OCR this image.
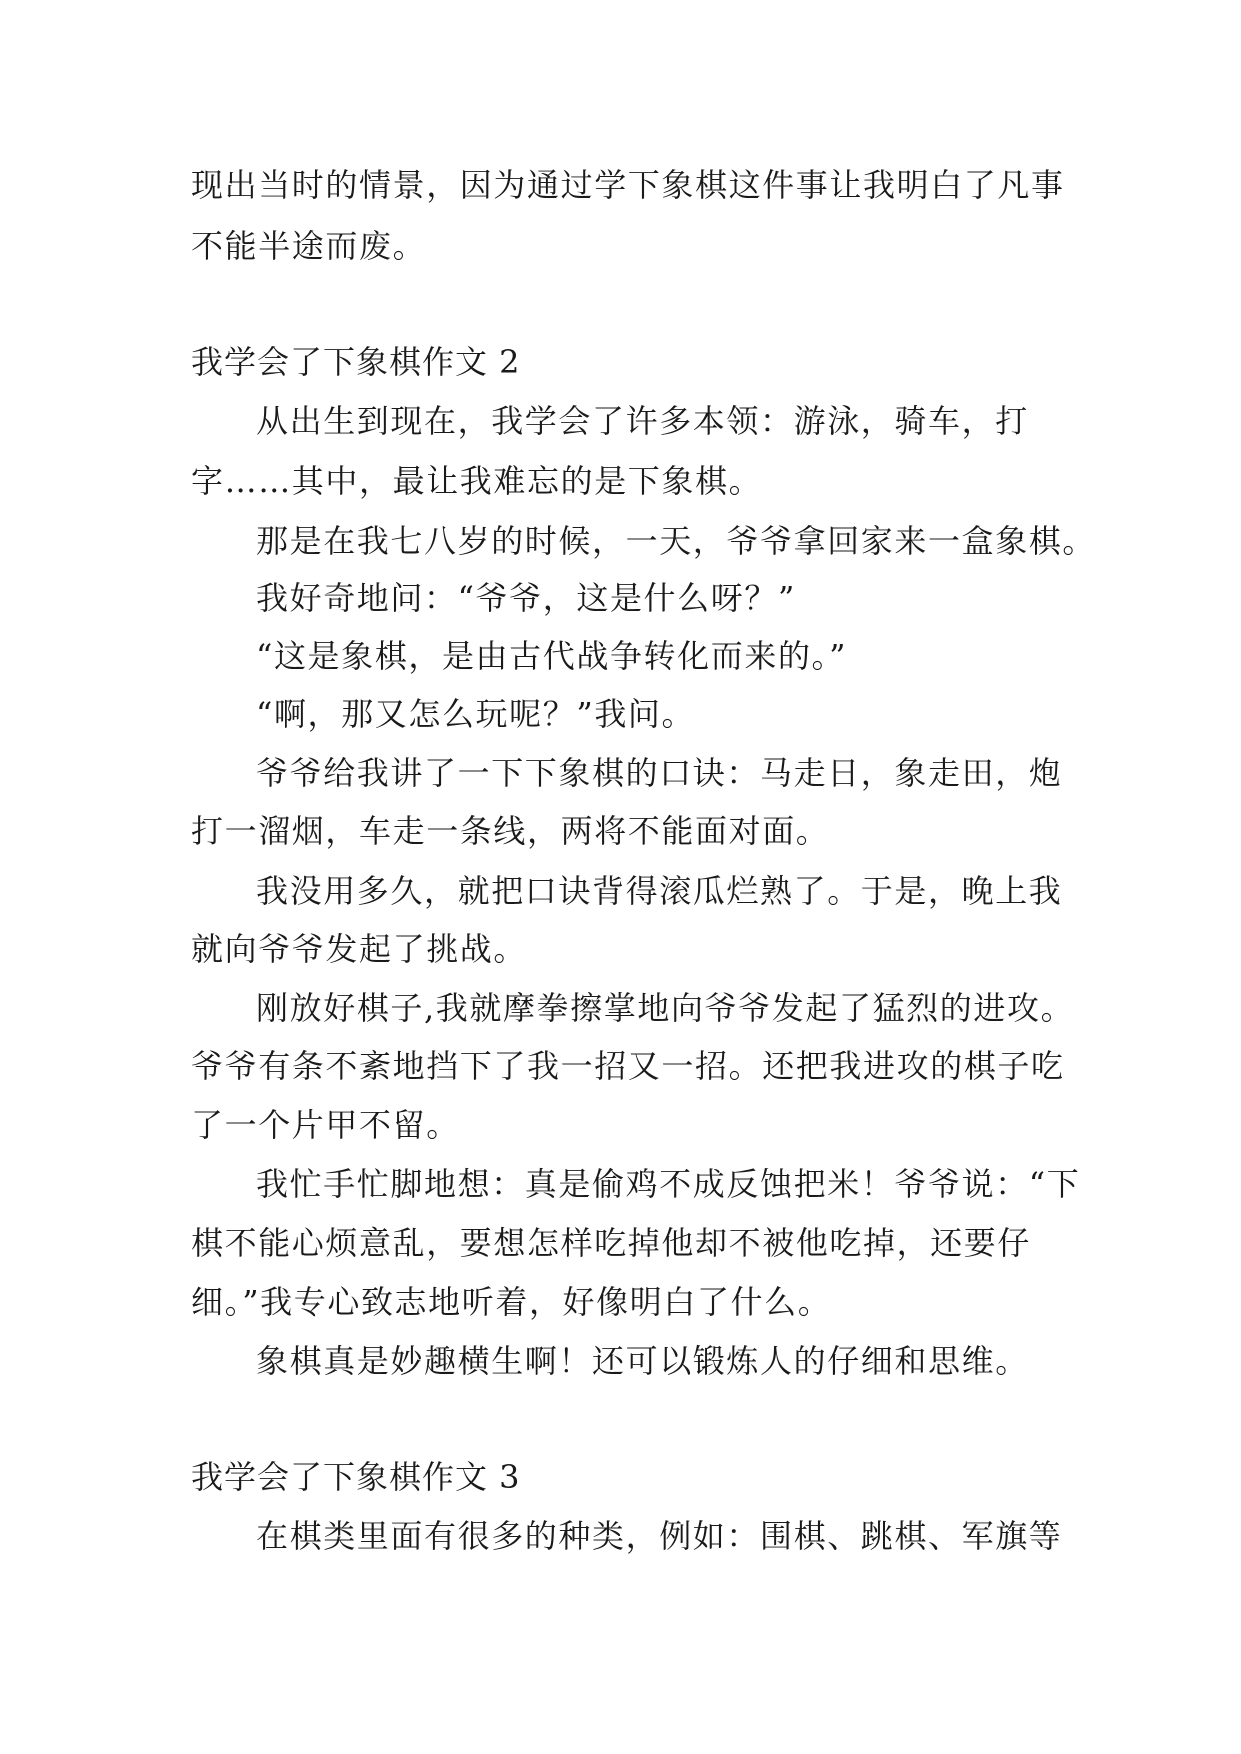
现出当时的情景，因为通过学下象棋这件事让我明白了凡事
不能半途而废。
我学会了下象棋作文 2
从出生到现在，我学会了许多本领：游泳，骑车，打
字……其中，最让我难忘的是下象棋。
那是在我七八岁的时候，一天，爷爷拿回家来一盒象棋。
我好奇地问：“爷爷，这是什么呀？”
“这是象棋，是由古代战争转化而来的。”
“啊，那又怎么玩呢？”我问。
爷爷给我讲了一下下象棋的口诀：马走日，象走田，炮
打一溜烟，车走一条线，两将不能面对面。
我没用多久，就把口诀背得滚瓜烂熟了。于是，晚上我
就向爷爷发起了挑战。
刚放好棋子,我就摩拳擦掌地向爷爷发起了猛烈的进攻。
爷爷有条不紊地挡下了我一招又一招。还把我进攻的棋子吃
了一个片甲不留。
我忙手忙脚地想：真是偷鸡不成反蚀把米！爷爷说：“下
棋不能心烦意乱，要想怎样吃掉他却不被他吃掉，还要仔
细。”我专心致志地听着，好像明白了什么。
象棋真是妙趣横生啊！还可以锻炼人的仔细和思维。
我学会了下象棋作文 3
在棋类里面有很多的种类，例如：围棋、跳棋、军旗等
